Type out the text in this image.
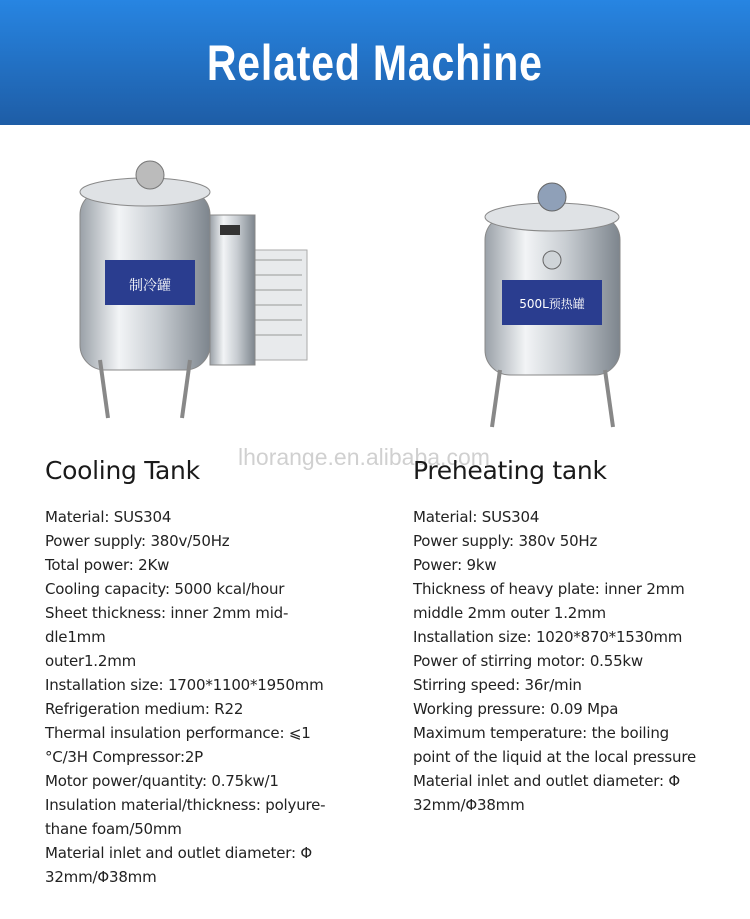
Related Machine
制冷罐
500L预热罐
lhorange.en.alibaba.com
Cooling Tank	Preheating tank
Material: SUS304
Power supply: 380v/50Hz
Total power: 2Kw
Cooling capacity: 5000 kcal/hour
Sheet thickness: inner 2mm mid-
dle1mm
outer1.2mm
Installation size: 1700*1100*1950mm
Refrigeration medium: R22
Thermal insulation performance: ⩽1
°C/3H Compressor:2P
Motor power/quantity: 0.75kw/1
Insulation material/thickness: polyure-
thane foam/50mm
Material inlet and outlet diameter: Φ
32mm/Φ38mm
Material: SUS304
Power supply: 380v 50Hz
Power: 9kw
Thickness of heavy plate: inner 2mm
middle 2mm outer 1.2mm
Installation size: 1020*870*1530mm
Power of stirring motor: 0.55kw
Stirring speed: 36r/min
Working pressure: 0.09 Mpa
Maximum temperature: the boiling
point of the liquid at the local pressure
Material inlet and outlet diameter: Φ
32mm/Φ38mm
